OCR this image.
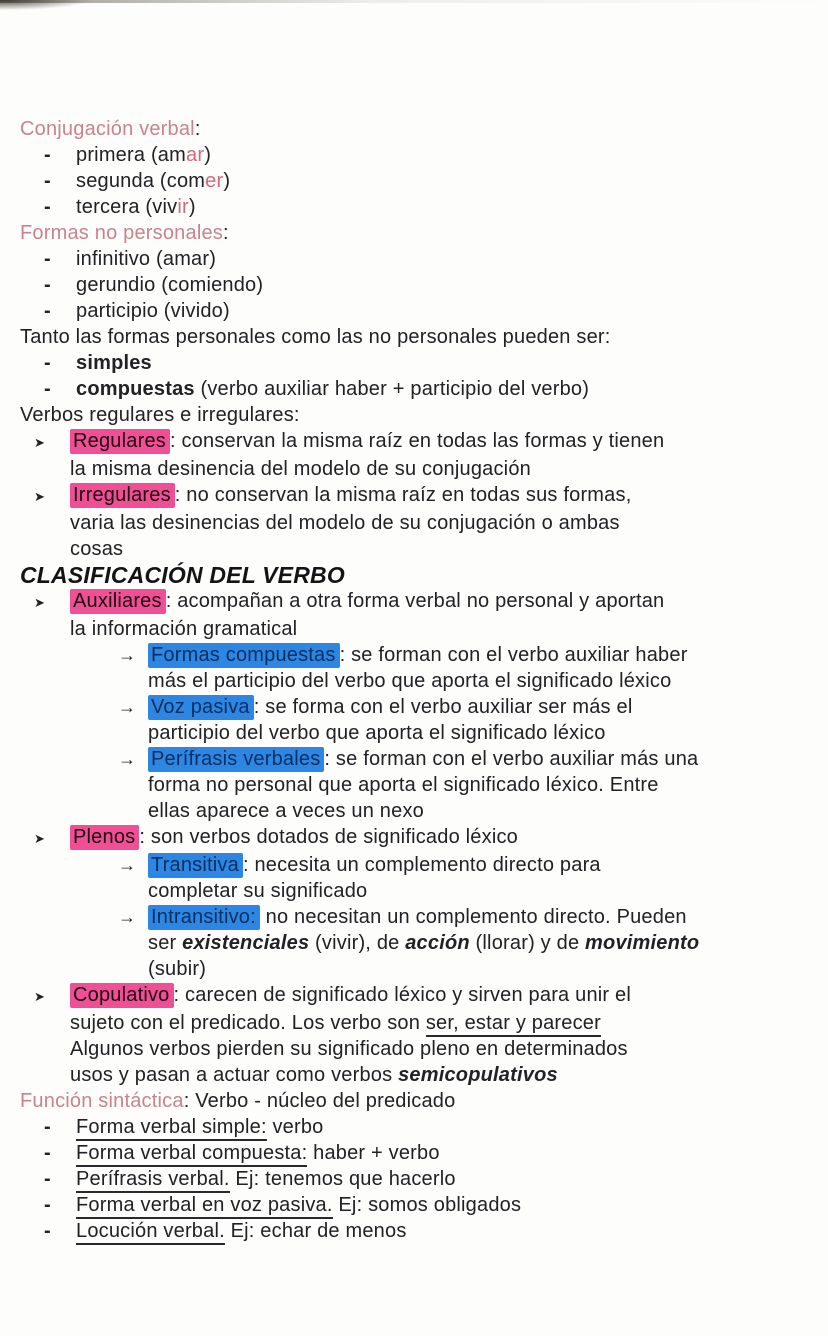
Conjugación verbal:
-	primera (amar)
-	segunda (comer)
-	tercera (vivir)
Formas no personales:
-	infinitivo (amar)
-	gerundio (comiendo)
-	participio (vivido)
Tanto las formas personales como las no personales pueden ser:
-	simples
-	compuestas (verbo auxiliar haber + participio del verbo)
Verbos regulares e irregulares:
➤	Regulares : conservan la misma raíz en todas las formas y tienen
la misma desinencia del modelo de su conjugación
➤	Irregulares : no conservan la misma raíz en todas sus formas,
varia las desinencias del modelo de su conjugación o ambas
cosas
CLASIFICACIÓN DEL VERBO
➤	Auxiliares : acompañan a otra forma verbal no personal y aportan
la información gramatical
→ Formas compuestas : se forman con el verbo auxiliar haber
más el participio del verbo que aporta el significado léxico
→ Voz pasiva : se forma con el verbo auxiliar ser más el
participio del verbo que aporta el significado léxico
→ Perífrasis verbales : se forman con el verbo auxiliar más una
forma no personal que aporta el significado léxico. Entre
ellas aparece a veces un nexo
➤	Plenos : son verbos dotados de significado léxico
→ Transitiva : necesita un complemento directo para
completar su significado
→ Intransitivo: no necesitan un complemento directo. Pueden
ser existenciales (vivir), de acción (llorar) y de movimiento
(subir)
➤	Copulativo : carecen de significado léxico y sirven para unir el
sujeto con el predicado. Los verbo son ser, estar y parecer
Algunos verbos pierden su significado pleno en determinados
usos y pasan a actuar como verbos semicopulativos
Función sintáctica: Verbo - núcleo del predicado
-	Forma verbal simple: verbo
-	Forma verbal compuesta: haber + verbo
-	Perífrasis verbal. Ej: tenemos que hacerlo
-	Forma verbal en voz pasiva. Ej: somos obligados
-	Locución verbal. Ej: echar de menos
